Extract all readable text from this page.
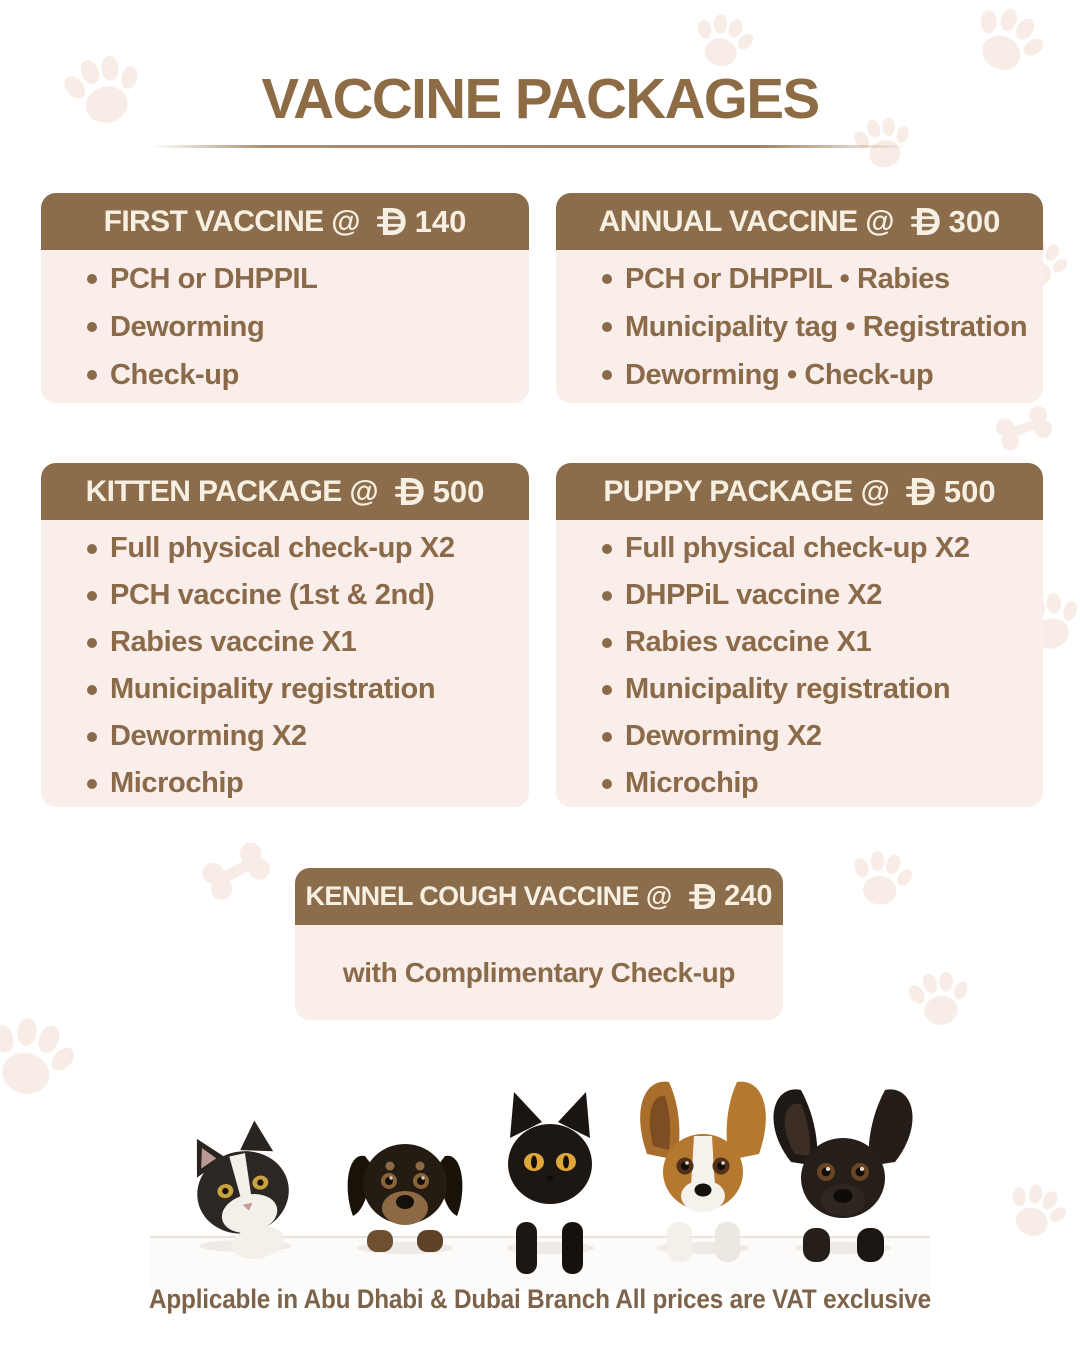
VACCINE PACKAGES
FIRST VACCINE @ 140
PCH or DHPPIL
Deworming
Check-up
ANNUAL VACCINE @ 300
PCH or DHPPIL • Rabies
Municipality tag • Registration
Deworming • Check-up
KITTEN PACKAGE @ 500
Full physical check-up X2
PCH vaccine (1st & 2nd)
Rabies vaccine X1
Municipality registration
Deworming X2
Microchip
PUPPY PACKAGE @ 500
Full physical check-up X2
DHPPiL vaccine X2
Rabies vaccine X1
Municipality registration
Deworming X2
Microchip
KENNEL COUGH VACCINE @ 240
with Complimentary Check-up

Applicable in Abu Dhabi & Dubai Branch All prices are VAT exclusive
